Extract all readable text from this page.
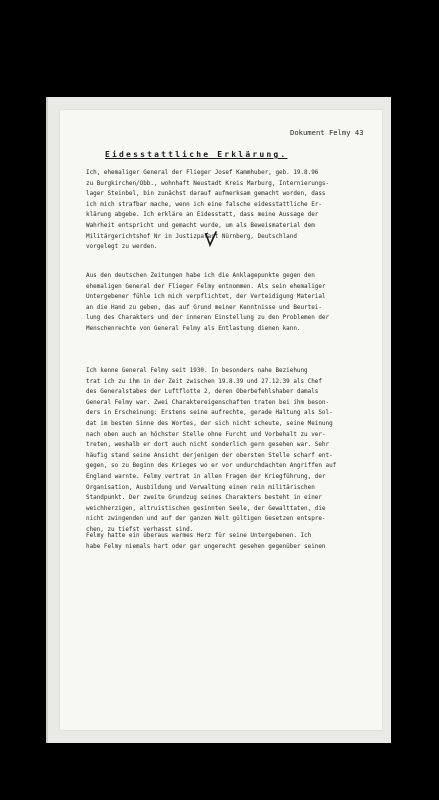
Dokument Felmy 43
Eidesstattliche Erklärung.
Ich, ehemaliger General der Flieger Josef Kammhuber, geb. 19.8.96
zu Burgkirchen/Obb., wohnhaft Neustadt Kreis Marburg, Internierungs-
lager Steinbel, bin zunächst darauf aufmerksam gemacht worden, dass
ich mich strafbar mache, wenn ich eine falsche eidesstattliche Er-
klärung abgebe. Ich erkläre an Eidesstatt, dass meine Aussage der
Wahrheit entspricht und gemacht wurde, um als Beweismaterial dem
Militärgerichtshof Nr in Justizpalast Nürnberg, Deutschland
vorgelegt zu werden.
Aus den deutschen Zeitungen habe ich die Anklagepunkte gegen den
ehemaligen General der Flieger Felmy entnommen. Als sein ehemaliger
Untergebener fühle ich mich verpflichtet, der Verteidigung Material
an die Hand zu geben, das auf Grund meiner Kenntnisse und Beurtei-
lung des Charakters und der inneren Einstellung zu den Problemen der
Menschenrechte von General Felmy als Entlastung dienen kann.
Ich kenne General Felmy seit 1930. In besonders nahe Beziehung
trat ich zu ihm in der Zeit zwischen 19.8.39 und 27.12.39 als Chef
des Generalstabes der Luftflotte 2, deren Oberbefehlshaber damals
General Felmy war. Zwei Charaktereigenschaften traten bei ihm beson-
ders in Erscheinung: Erstens seine aufrechte, gerade Haltung als Sol-
dat im besten Sinne des Wortes, der sich nicht scheute, seine Meinung
nach oben auch an höchster Stelle ohne Furcht und Vorbehalt zu ver-
treten, weshalb er dort auch nicht sonderlich gern gesehen war. Sehr
häufig stand seine Ansicht derjenigen der obersten Stelle scharf ent-
gegen, so zu Beginn des Krieges wo er vor undurchdachten Angriffen auf
England warnte. Felmy vertrat in allen Fragen der Kriegführung, der
Organisation, Ausbildung und Verwaltung einen rein militärischen
Standpunkt. Der zweite Grundzug seines Charakters besteht in einer
weichherzigen, altruistischen gesinnten Seele, der Gewalttaten, die
nicht zwingenden und auf der ganzen Welt gültigen Gesetzen entspre-
chen, zu tiefst verhasst sind.
Felmy hatte ein überaus warmes Herz für seine Untergebenen. Ich
habe Felmy niemals hart oder gar ungerecht gesehen gegenüber seinen
